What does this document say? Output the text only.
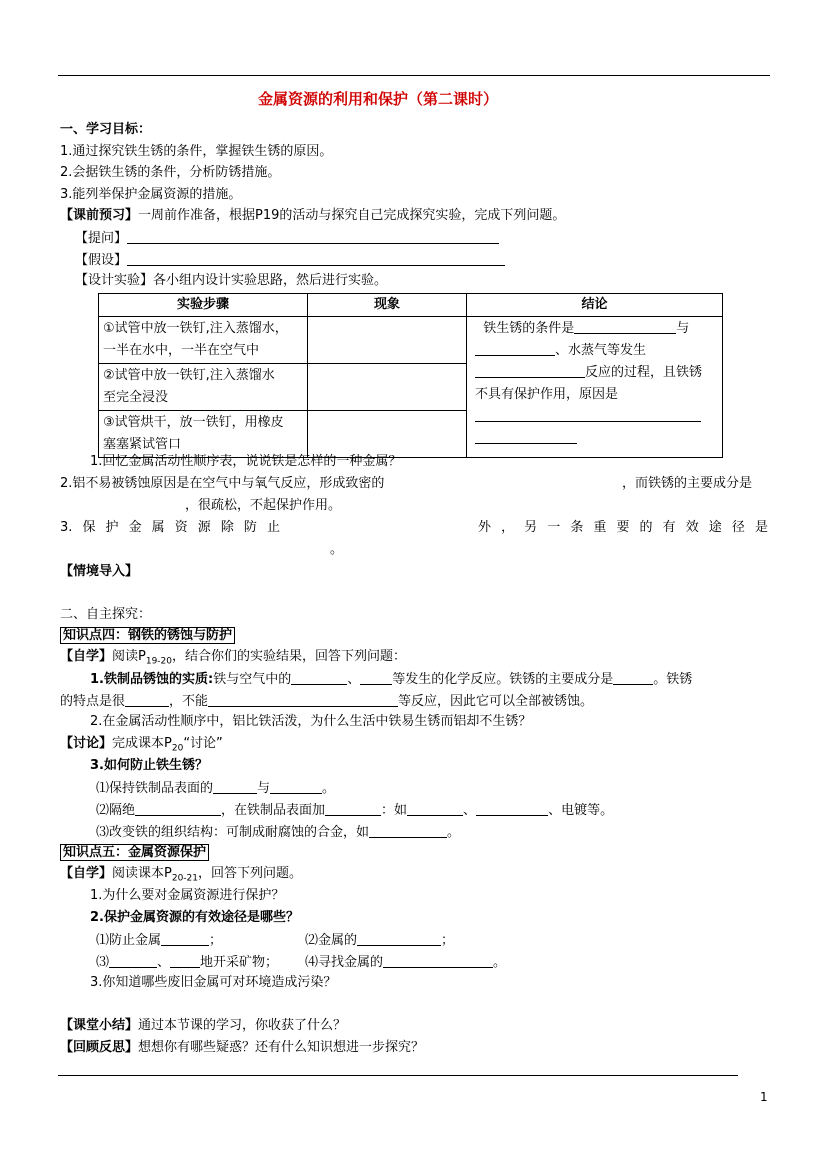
金属资源的利用和保护（第二课时）
一、学习目标：
1.通过探究铁生锈的条件，掌握铁生锈的原因。
2.会据铁生锈的条件，分析防锈措施。
3.能列举保护金属资源的措施。
【课前预习】一周前作准备，根据P19的活动与探究自己完成探究实验，完成下列问题。
【提问】
【假设】
【设计实验】各小组内设计实验思路，然后进行实验。
实验步骤	现象	结论

①试管中放一铁钉,注入蒸馏水，
一半在水中，一半在空气中		铁生锈的条件是 与
、水蒸气等发生
反应的过程，且铁锈
不具有保护作用，原因是

②试管中放一铁钉,注入蒸馏水
至完全浸没		

③试管烘干，放一铁钉，用橡皮
塞塞紧试管口		

1.回忆金属活动性顺序表，说说铁是怎样的一种金属？
2.铝不易被锈蚀原因是在空气中与氧气反应，形成致密的	，而铁锈的主要成分是
，很疏松，不起保护作用。
3. 保 护 金 属 资 源 除 防 止	外 ， 另 一 条 重 要 的 有 效 途 径 是
。
【情境导入】
二、自主探究：
知识点四：钢铁的锈蚀与防护
【自学】阅读$P_{19-20}$，结合你们的实验结果，回答下列问题：
1.铁制品锈蚀的实质:铁与空气中的	、 等发生的化学反应。铁锈的主要成分是	。铁锈
的特点是很	，不能	等反应，因此它可以全部被锈蚀。
2.在金属活动性顺序中，铝比铁活泼，为什么生活中铁易生锈而铝却不生锈？
【讨论】完成课本$P_{20}“$讨论”
3.如何防止铁生锈？
⑴保持铁制品表面的	与	。
⑵隔绝	，在铁制品表面加	：如	、	、电镀等。
⑶改变铁的组织结构：可制成耐腐蚀的合金，如	。
知识点五：金属资源保护
【自学】阅读课本$P_{20-21}$，回答下列问题。
1.为什么要对金属资源进行保护？
2.保护金属资源的有效途径是哪些？
⑴防止金属	；	⑵金属的	；
⑶	、 地开采矿物； ⑷寻找金属的	。
3.你知道哪些废旧金属可对环境造成污染？
【课堂小结】通过本节课的学习，你收获了什么？
【回顾反思】想想你有哪些疑惑？还有什么知识想进一步探究？
1
